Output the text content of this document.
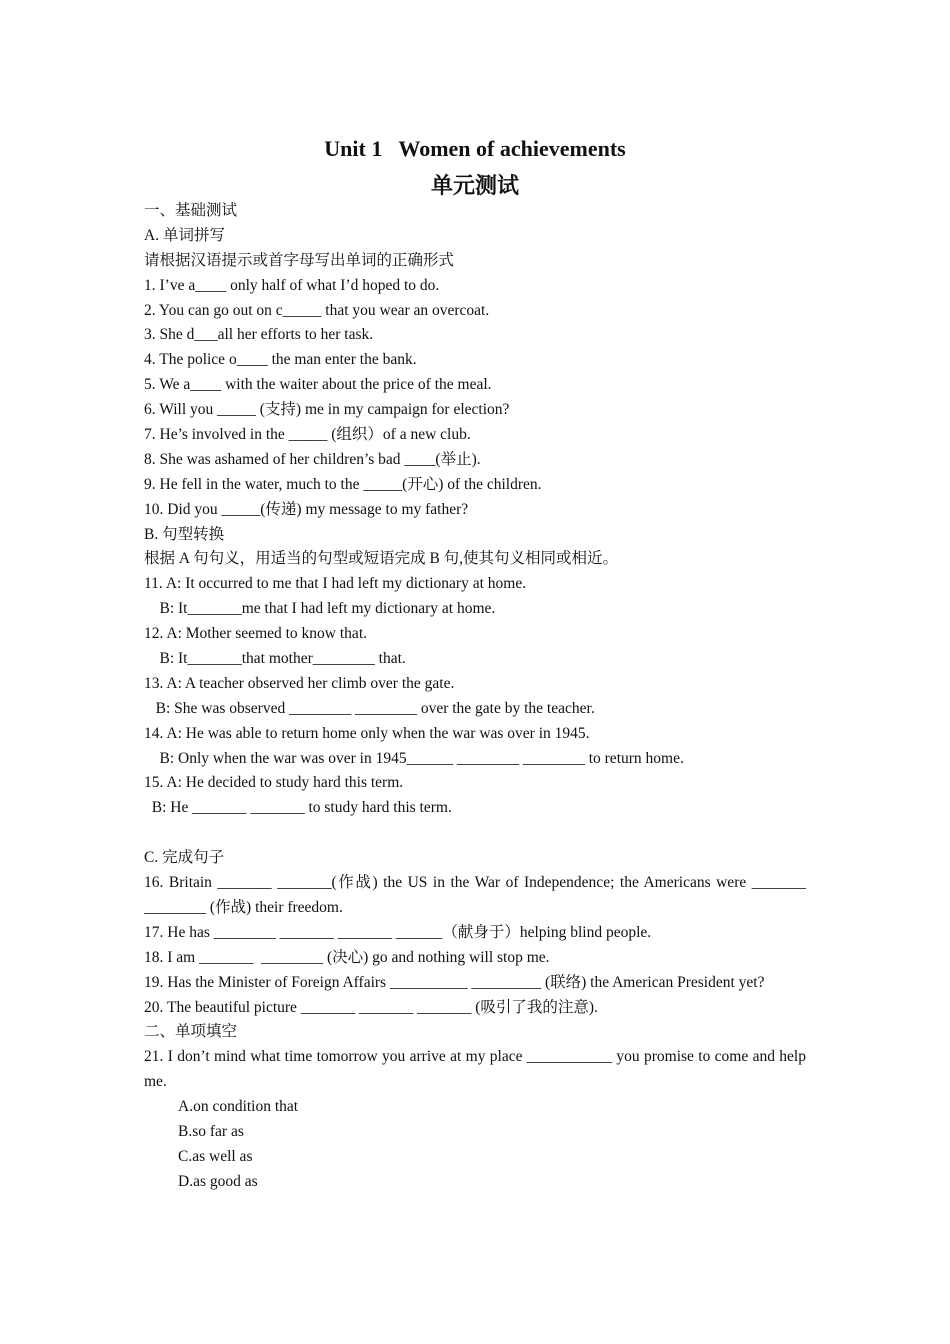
Unit 1   Women of achievements
单元测试
一、基础测试
A. 单词拼写
请根据汉语提示或首字母写出单词的正确形式
1. I’ve a____ only half of what I’d hoped to do.
2. You can go out on c_____ that you wear an overcoat.
3. She d___all her efforts to her task.
4. The police o____ the man enter the bank.
5. We a____ with the waiter about the price of the meal.
6. Will you _____ (支持) me in my campaign for election?
7. He’s involved in the _____ (组织）of a new club.
8. She was ashamed of her children’s bad ____(举止).
9. He fell in the water, much to the _____(开心) of the children.
10. Did you _____(传递) my message to my father?
B. 句型转换
根据 A 句句义，用适当的句型或短语完成 B 句,使其句义相同或相近。
11. A: It occurred to me that I had left my dictionary at home.
B: It_______me that I had left my dictionary at home.
12. A: Mother seemed to know that.
B: It_______that mother________ that.
13. A: A teacher observed her climb over the gate.
B: She was observed ________ ________ over the gate by the teacher.
14. A: He was able to return home only when the war was over in 1945.
B: Only when the war was over in 1945______ ________ ________ to return home.
15. A: He decided to study hard this term.
B: He _______ _______ to study hard this term.
C. 完成句子
16. Britain _______ _______(作战) the US in the War of Independence; the Americans were _______ ________ (作战) their freedom.
17. He has ________ _______ _______ ______（献身于）helping blind people.
18. I am _______  ________ (决心) go and nothing will stop me.
19. Has the Minister of Foreign Affairs __________ _________ (联络) the American President yet?
20. The beautiful picture _______ _______ _______ (吸引了我的注意).
二、单项填空
21. I don’t mind what time tomorrow you arrive at my place ___________ you promise to come and help me.
A.on condition that
B.so far as
C.as well as
D.as good as
